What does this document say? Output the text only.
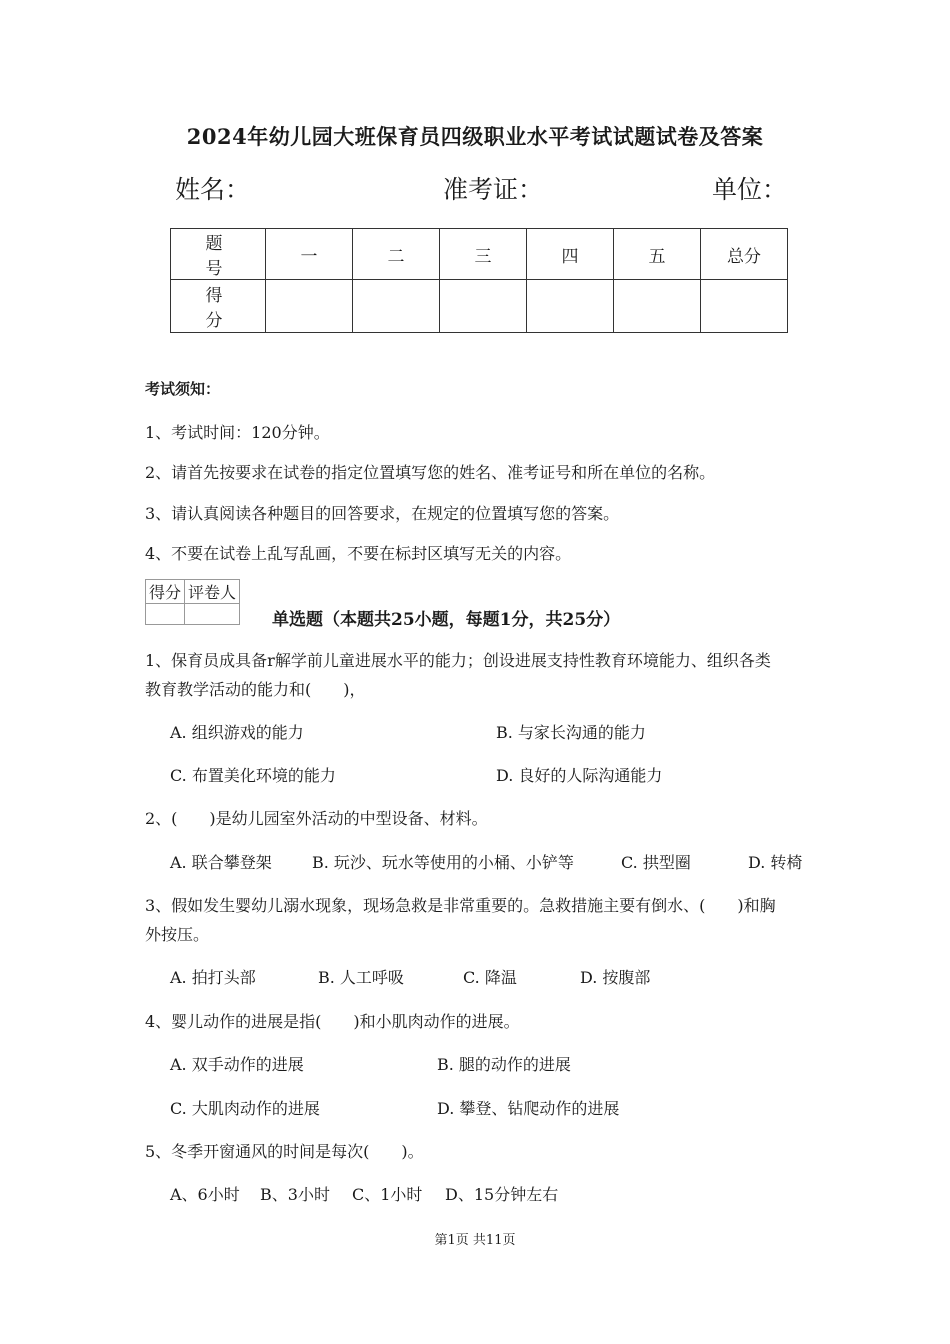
2024年幼儿园大班保育员四级职业水平考试试题试卷及答案
姓名：	准考证：	单位：
题　号	一	二	三	四	五	总分
得　分						
考试须知：
1、考试时间：120分钟。
2、请首先按要求在试卷的指定位置填写您的姓名、准考证号和所在单位的名称。
3、请认真阅读各种题目的回答要求，在规定的位置填写您的答案。
4、不要在试卷上乱写乱画，不要在标封区填写无关的内容。
得分	评卷人

单选题（本题共25小题，每题1分，共25分）
1、保育员成具备r解学前儿童进展水平的能力；创设进展支持性教育环境能力、组织各类
教育教学活动的能力和(　　)，
A. 组织游戏的能力	B. 与家长沟通的能力
C. 布置美化环境的能力	D. 良好的人际沟通能力
2、(　　)是幼儿园室外活动的中型设备、材料。
A. 联合攀登架	B. 玩沙、玩水等使用的小桶、小铲等	C. 拱型圈	D. 转椅
3、假如发生婴幼儿溺水现象，现场急救是非常重要的。急救措施主要有倒水、(　　)和胸
外按压。
A. 拍打头部	B. 人工呼吸	C. 降温	D. 按腹部
4、婴儿动作的进展是指(　　)和小肌肉动作的进展。
A. 双手动作的进展	B. 腿的动作的进展
C. 大肌肉动作的进展	D. 攀登、钻爬动作的进展
5、冬季开窗通风的时间是每次(　　)。
A、6小时 B、3小时 C、1小时 D、15分钟左右
第1页 共11页
